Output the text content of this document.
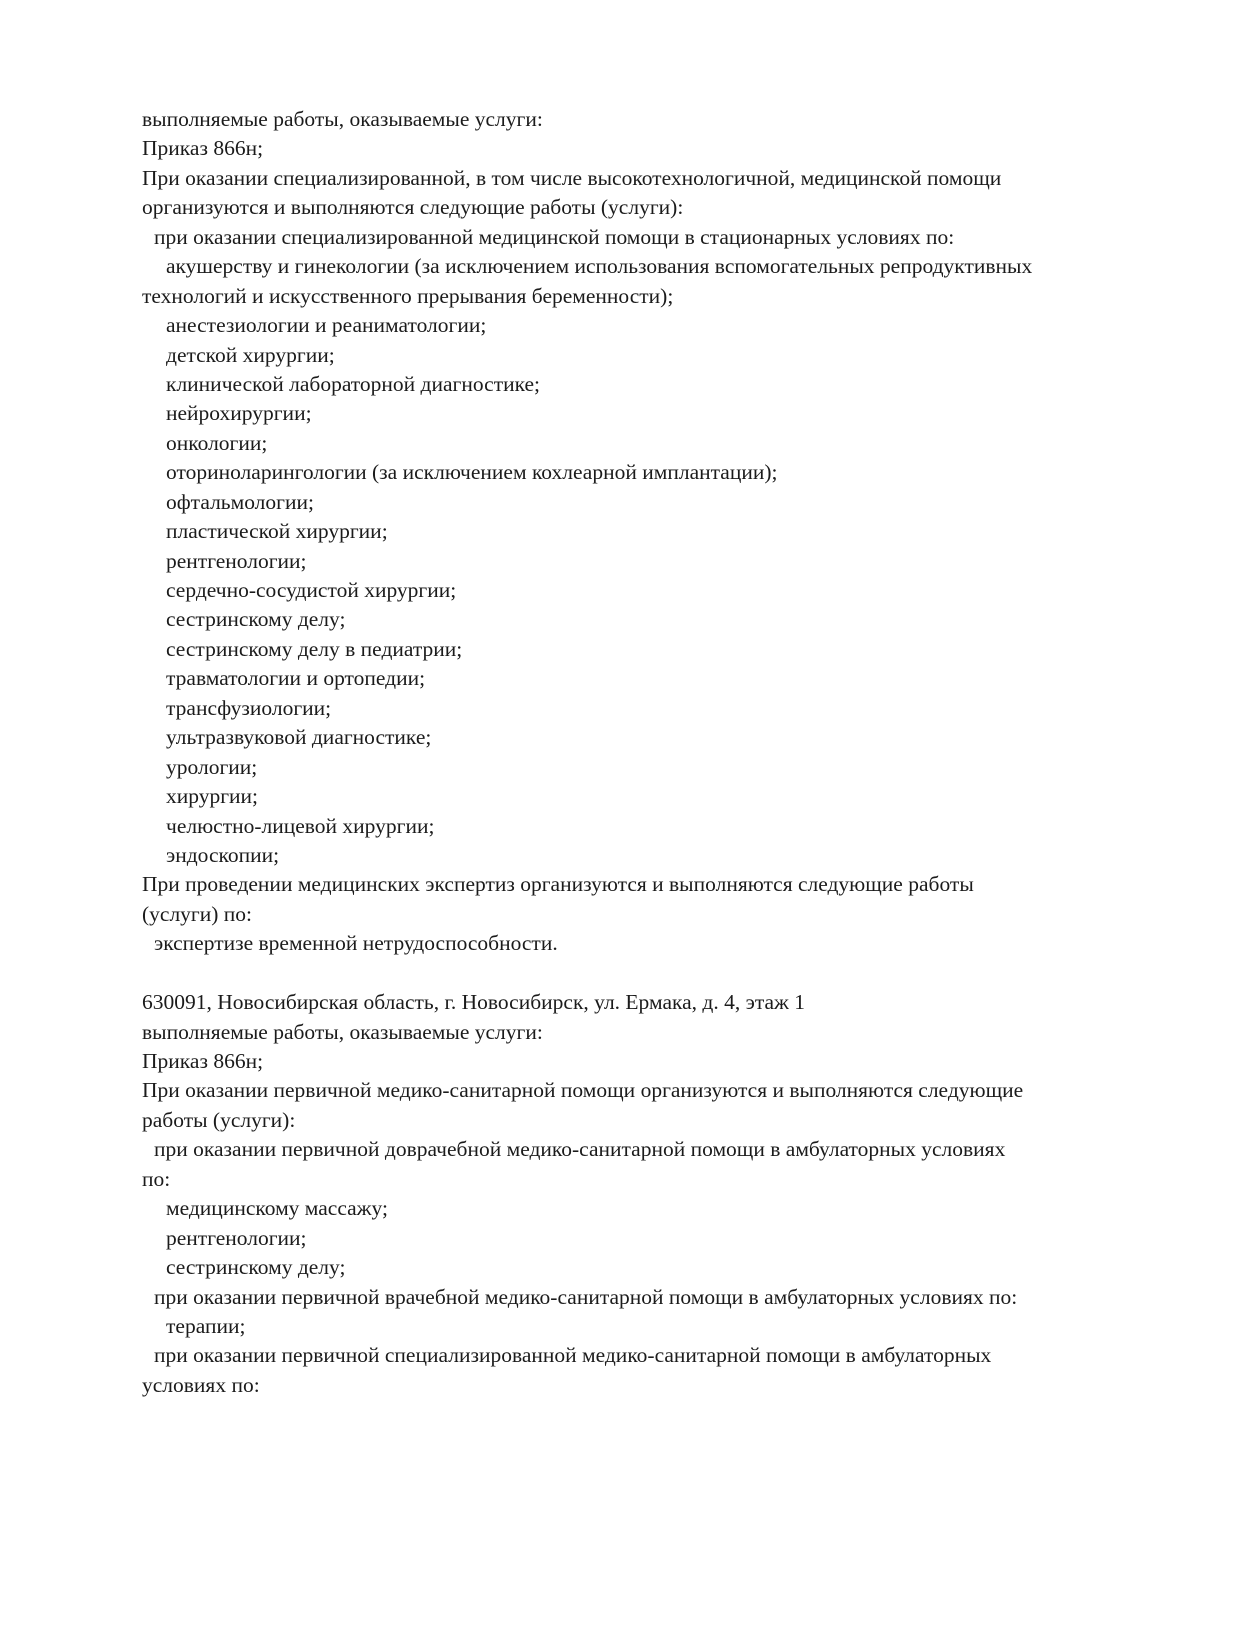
выполняемые работы, оказываемые услуги:
Приказ 866н;
При оказании специализированной, в том числе высокотехнологичной, медицинской помощи
организуются и выполняются следующие работы (услуги):
при оказании специализированной медицинской помощи в стационарных условиях по:
акушерству и гинекологии (за исключением использования вспомогательных репродуктивных
технологий и искусственного прерывания беременности);
анестезиологии и реаниматологии;
детской хирургии;
клинической лабораторной диагностике;
нейрохирургии;
онкологии;
оториноларингологии (за исключением кохлеарной имплантации);
офтальмологии;
пластической хирургии;
рентгенологии;
сердечно-сосудистой хирургии;
сестринскому делу;
сестринскому делу в педиатрии;
травматологии и ортопедии;
трансфузиологии;
ультразвуковой диагностике;
урологии;
хирургии;
челюстно-лицевой хирургии;
эндоскопии;
При проведении медицинских экспертиз организуются и выполняются следующие работы
(услуги) по:
экспертизе временной нетрудоспособности.
630091, Новосибирская область, г. Новосибирск, ул. Ермака, д. 4, этаж 1
выполняемые работы, оказываемые услуги:
Приказ 866н;
При оказании первичной медико-санитарной помощи организуются и выполняются следующие
работы (услуги):
при оказании первичной доврачебной медико-санитарной помощи в амбулаторных условиях
по:
медицинскому массажу;
рентгенологии;
сестринскому делу;
при оказании первичной врачебной медико-санитарной помощи в амбулаторных условиях по:
терапии;
при оказании первичной специализированной медико-санитарной помощи в амбулаторных
условиях по:
